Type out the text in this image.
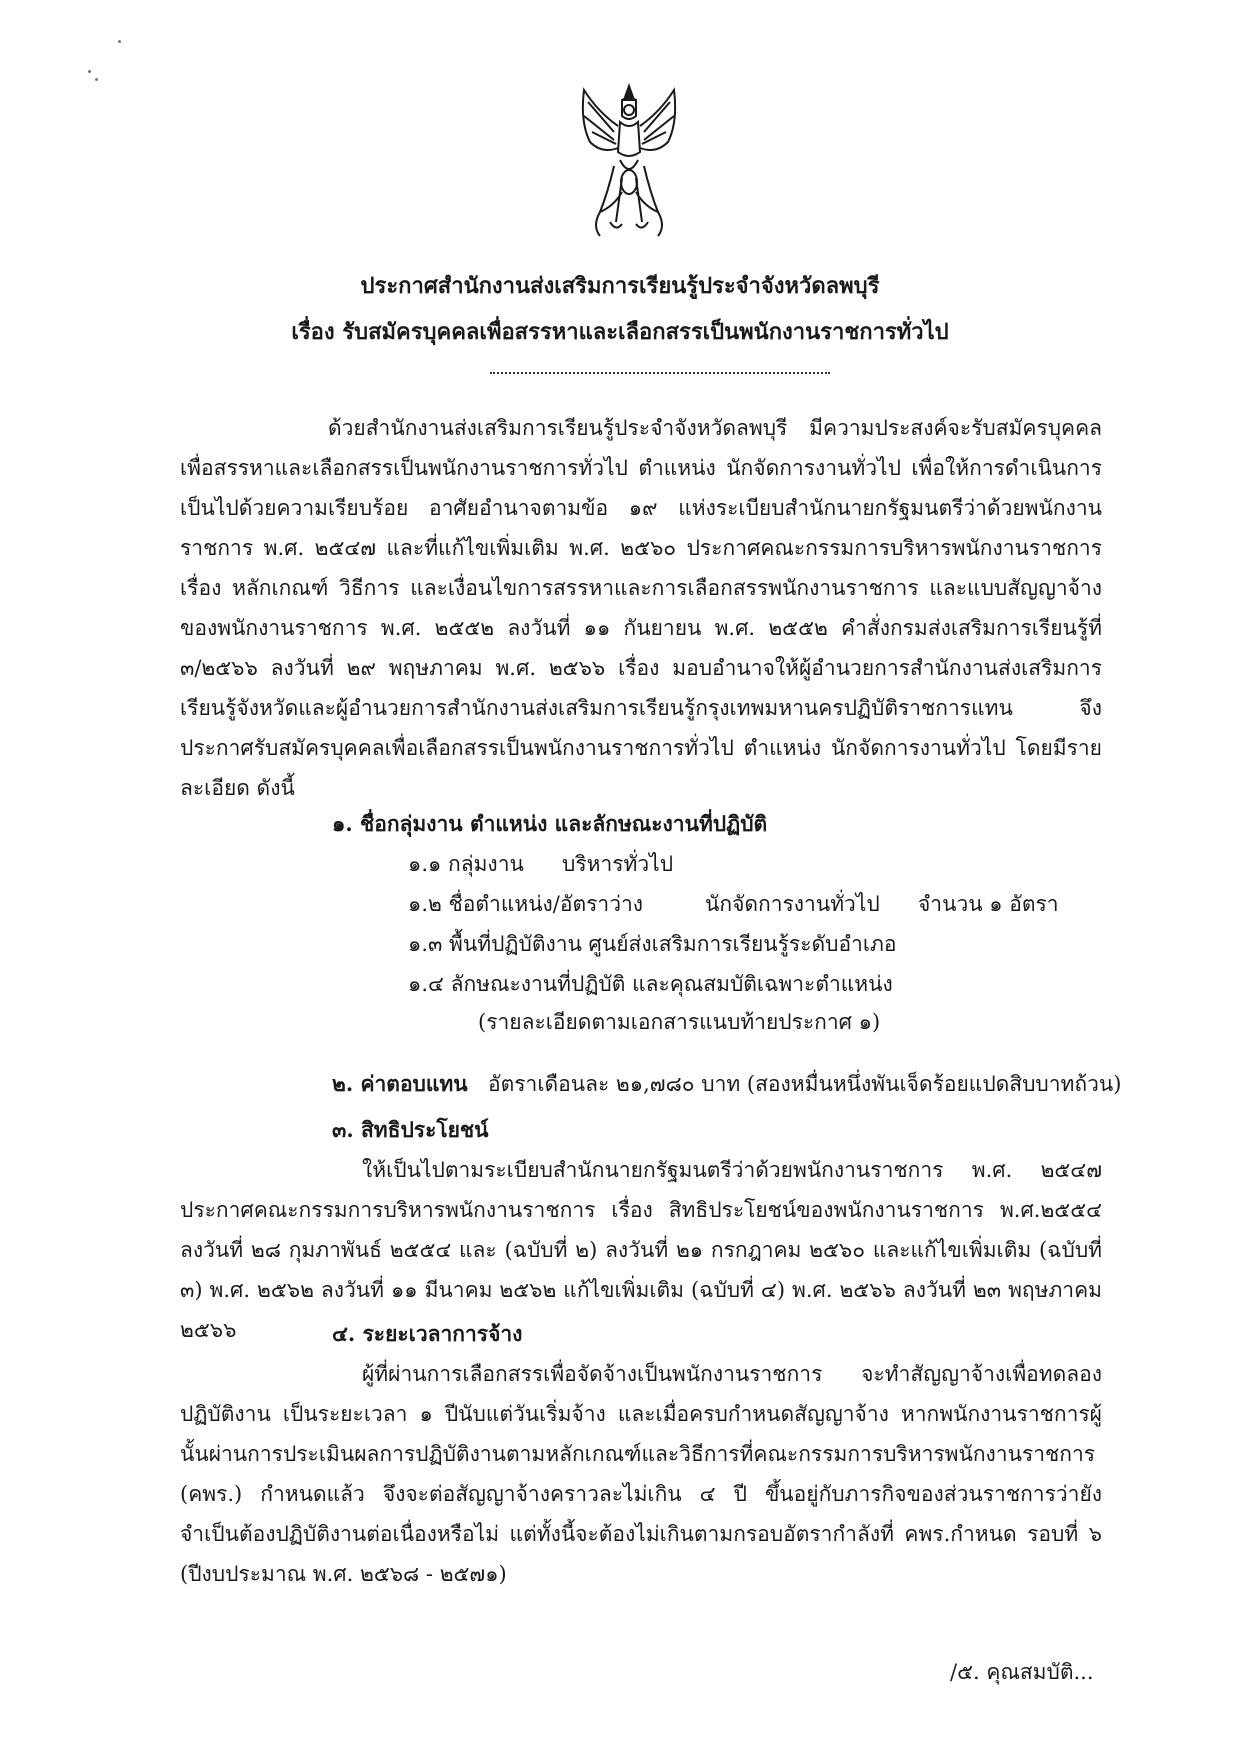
ประกาศสำนักงานส่งเสริมการเรียนรู้ประจำจังหวัดลพบุรี
เรื่อง รับสมัครบุคคลเพื่อสรรหาและเลือกสรรเป็นพนักงานราชการทั่วไป
ด้วยสำนักงานส่งเสริมการเรียนรู้ประจำจังหวัดลพบุรี มีความประสงค์จะรับสมัครบุคคล เพื่อสรรหาและเลือกสรรเป็นพนักงานราชการทั่วไป ตำแหน่ง นักจัดการงานทั่วไป เพื่อให้การดำเนินการเป็นไปด้วยความเรียบร้อย อาศัยอำนาจตามข้อ ๑๙ แห่งระเบียบสำนักนายกรัฐมนตรีว่าด้วยพนักงานราชการ พ.ศ. ๒๕๔๗ และที่แก้ไขเพิ่มเติม พ.ศ. ๒๕๖๐ ประกาศคณะกรรมการบริหารพนักงานราชการ เรื่อง หลักเกณฑ์ วิธีการ และเงื่อนไขการสรรหาและการเลือกสรรพนักงานราชการ และแบบสัญญาจ้างของพนักงานราชการ พ.ศ. ๒๕๕๒ ลงวันที่ ๑๑ กันยายน พ.ศ. ๒๕๕๒ คำสั่งกรมส่งเสริมการเรียนรู้ที่ ๓/๒๕๖๖ ลงวันที่ ๒๙ พฤษภาคม พ.ศ. ๒๕๖๖ เรื่อง มอบอำนาจให้ผู้อำนวยการสำนักงานส่งเสริมการเรียนรู้จังหวัดและผู้อำนวยการสำนักงานส่งเสริมการเรียนรู้กรุงเทพมหานครปฏิบัติราชการแทน จึงประกาศรับสมัครบุคคลเพื่อเลือกสรรเป็นพนักงานราชการทั่วไป ตำแหน่ง นักจัดการงานทั่วไป โดยมีรายละเอียด ดังนี้
๑. ชื่อกลุ่มงาน ตำแหน่ง และลักษณะงานที่ปฏิบัติ
๑.๑ กลุ่มงาน บริหารทั่วไป
๑.๒ ชื่อตำแหน่ง/อัตราว่าง	นักจัดการงานทั่วไป จำนวน ๑ อัตรา
๑.๓ พื้นที่ปฏิบัติงาน ศูนย์ส่งเสริมการเรียนรู้ระดับอำเภอ
๑.๔ ลักษณะงานที่ปฏิบัติ และคุณสมบัติเฉพาะตำแหน่ง
(รายละเอียดตามเอกสารแนบท้ายประกาศ ๑)
๒. ค่าตอบแทน อัตราเดือนละ ๒๑,๗๘๐ บาท (สองหมื่นหนึ่งพันเจ็ดร้อยแปดสิบบาทถ้วน)
๓. สิทธิประโยชน์
ให้เป็นไปตามระเบียบสำนักนายกรัฐมนตรีว่าด้วยพนักงานราชการ พ.ศ. ๒๕๔๗ ประกาศคณะกรรมการบริหารพนักงานราชการ เรื่อง สิทธิประโยชน์ของพนักงานราชการ พ.ศ.๒๕๕๔ ลงวันที่ ๒๘ กุมภาพันธ์ ๒๕๕๔ และ (ฉบับที่ ๒) ลงวันที่ ๒๑ กรกฎาคม ๒๕๖๐ และแก้ไขเพิ่มเติม (ฉบับที่ ๓) พ.ศ. ๒๕๖๒ ลงวันที่ ๑๑ มีนาคม ๒๕๖๒ แก้ไขเพิ่มเติม (ฉบับที่ ๔) พ.ศ. ๒๕๖๖ ลงวันที่ ๒๓ พฤษภาคม ๒๕๖๖	๔. ระยะเวลาการจ้าง
ผู้ที่ผ่านการเลือกสรรเพื่อจัดจ้างเป็นพนักงานราชการ จะทำสัญญาจ้างเพื่อทดลองปฏิบัติงาน เป็นระยะเวลา ๑ ปีนับแต่วันเริ่มจ้าง และเมื่อครบกำหนดสัญญาจ้าง หากพนักงานราชการผู้นั้นผ่านการประเมินผลการปฏิบัติงานตามหลักเกณฑ์และวิธีการที่คณะกรรมการบริหารพนักงานราชการ (คพร.) กำหนดแล้ว จึงจะต่อสัญญาจ้างคราวละไม่เกิน ๔ ปี ขึ้นอยู่กับภารกิจของส่วนราชการว่ายังจำเป็นต้องปฏิบัติงานต่อเนื่องหรือไม่ แต่ทั้งนี้จะต้องไม่เกินตามกรอบอัตรากำลังที่ คพร.กำหนด รอบที่ ๖ (ปีงบประมาณ พ.ศ. ๒๕๖๘ - ๒๕๗๑)
/๕. คุณสมบัติ...
